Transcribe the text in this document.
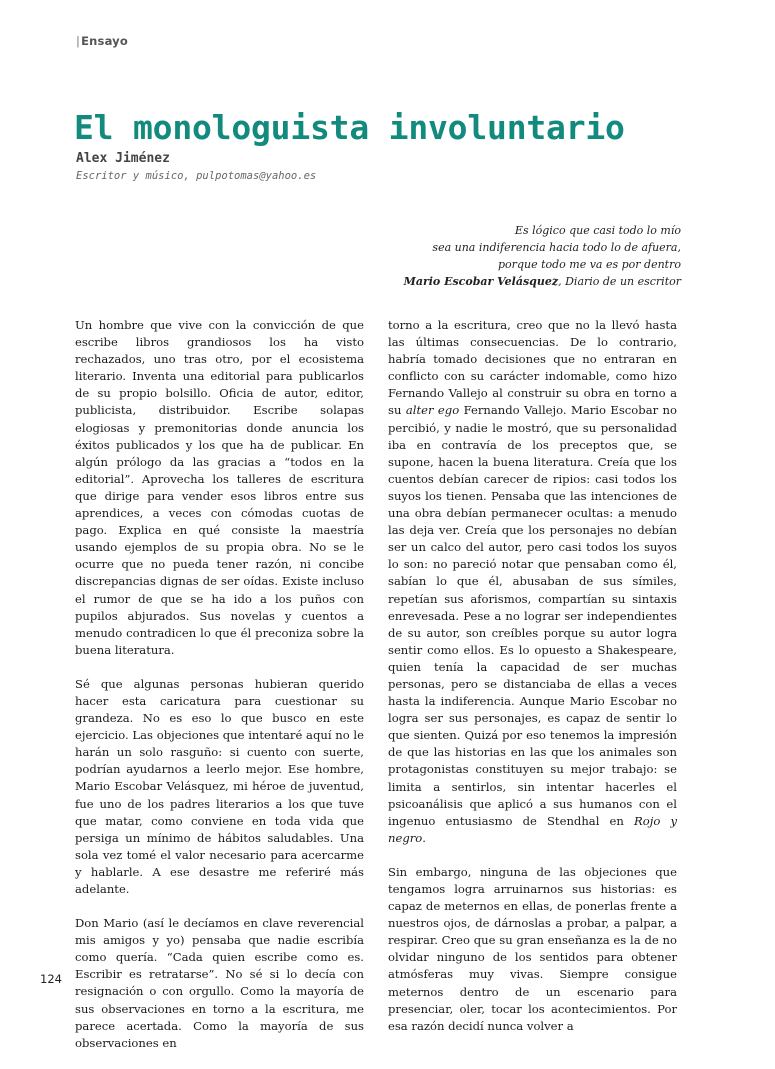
|Ensayo
El monologuista involuntario
Alex Jiménez
Escritor y músico, pulpotomas@yahoo.es
Es lógico que casi todo lo mío
sea una indiferencia hacia todo lo de afuera,
porque todo me va es por dentro
Mario Escobar Velásquez, Diario de un escritor

Un hombre que vive con la convicción de que escribe libros grandiosos los ha visto rechazados, uno tras otro, por el ecosistema literario. Inventa una editorial para publicarlos de su propio bolsillo. Oficia de autor, editor, publicista, distribuidor. Escribe solapas elogiosas y premonitorias donde anuncia los éxitos publicados y los que ha de publicar. En algún prólogo da las gracias a “todos en la editorial”. Aprovecha los talleres de escritura que dirige para vender esos libros entre sus aprendices, a veces con cómodas cuotas de pago. Explica en qué consiste la maestría usando ejemplos de su propia obra. No se le ocurre que no pueda tener razón, ni concibe discrepancias dignas de ser oídas. Existe incluso el rumor de que se ha ido a los puños con pupilos abjurados. Sus novelas y cuentos a menudo contradicen lo que él preconiza sobre la buena literatura.

Sé que algunas personas hubieran querido hacer esta caricatura para cuestionar su grandeza. No es eso lo que busco en este ejercicio. Las objeciones que intentaré aquí no le harán un solo rasguño: si cuento con suerte, podrían ayudarnos a leerlo mejor. Ese hombre, Mario Escobar Velásquez, mi héroe de juventud, fue uno de los padres literarios a los que tuve que matar, como conviene en toda vida que persiga un mínimo de hábitos saludables. Una sola vez tomé el valor necesario para acercarme y hablarle. A ese desastre me referiré más adelante.

Don Mario (así le decíamos en clave reverencial mis amigos y yo) pensaba que nadie escribía como quería. “Cada quien escribe como es. Escribir es retratarse”. No sé si lo decía con resignación o con orgullo. Como la mayoría de sus observaciones en torno a la escritura, me parece acertada. Como la mayoría de sus observaciones en

torno a la escritura, creo que no la llevó hasta las últimas consecuencias. De lo contrario, habría tomado decisiones que no entraran en conflicto con su carácter indomable, como hizo Fernando Vallejo al construir su obra en torno a su alter ego Fernando Vallejo. Mario Escobar no percibió, y nadie le mostró, que su personalidad iba en contravía de los preceptos que, se supone, hacen la buena literatura. Creía que los cuentos debían carecer de ripios: casi todos los suyos los tienen. Pensaba que las intenciones de una obra debían permanecer ocultas: a menudo las deja ver. Creía que los personajes no debían ser un calco del autor, pero casi todos los suyos lo son: no pareció notar que pensaban como él, sabían lo que él, abusaban de sus símiles, repetían sus aforismos, compartían su sintaxis enrevesada. Pese a no lograr ser independientes de su autor, son creíbles porque su autor logra sentir como ellos. Es lo opuesto a Shakespeare, quien tenía la capacidad de ser muchas personas, pero se distanciaba de ellas a veces hasta la indiferencia. Aunque Mario Escobar no logra ser sus personajes, es capaz de sentir lo que sienten. Quizá por eso tenemos la impresión de que las historias en las que los animales son protagonistas constituyen su mejor trabajo: se limita a sentirlos, sin intentar hacerles el psicoanálisis que aplicó a sus humanos con el ingenuo entusiasmo de Stendhal en Rojo y negro.

Sin embargo, ninguna de las objeciones que tengamos logra arruinarnos sus historias: es capaz de meternos en ellas, de ponerlas frente a nuestros ojos, de dárnoslas a probar, a palpar, a respirar. Creo que su gran enseñanza es la de no olvidar ninguno de los sentidos para obtener atmósferas muy vivas. Siempre consigue meternos dentro de un escenario para presenciar, oler, tocar los acontecimientos. Por esa razón decidí nunca volver a

124
